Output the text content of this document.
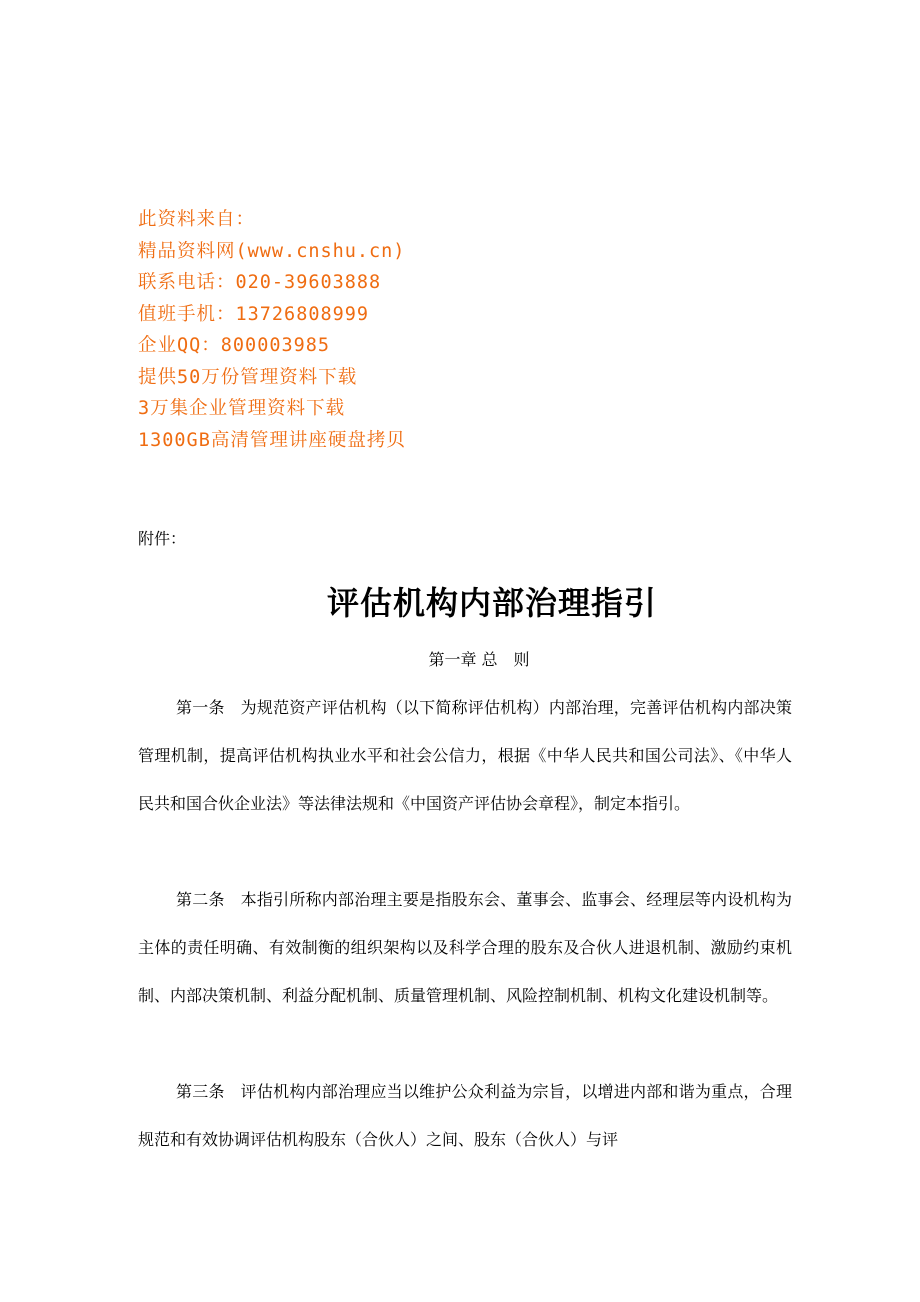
此资料来自：
精品资料网(www.cnshu.cn)
联系电话：020-39603888
值班手机：13726808999
企业QQ：800003985
提供50万份管理资料下载
3万集企业管理资料下载
1300GB高清管理讲座硬盘拷贝
附件：
评估机构内部治理指引
第一章 总　则

第一条 为规范资产评估机构（以下简称评估机构）内部治理，完善评估机构内部决策管理机制，提高评估机构执业水平和社会公信力，根据《中华人民共和国公司法》、《中华人民共和国合伙企业法》等法律法规和《中国资产评估协会章程》，制定本指引。

第二条 本指引所称内部治理主要是指股东会、董事会、监事会、经理层等内设机构为主体的责任明确、有效制衡的组织架构以及科学合理的股东及合伙人进退机制、激励约束机制、内部决策机制、利益分配机制、质量管理机制、风险控制机制、机构文化建设机制等。

第三条 评估机构内部治理应当以维护公众利益为宗旨，以增进内部和谐为重点，合理规范和有效协调评估机构股东（合伙人）之间、股东（合伙人）与评
